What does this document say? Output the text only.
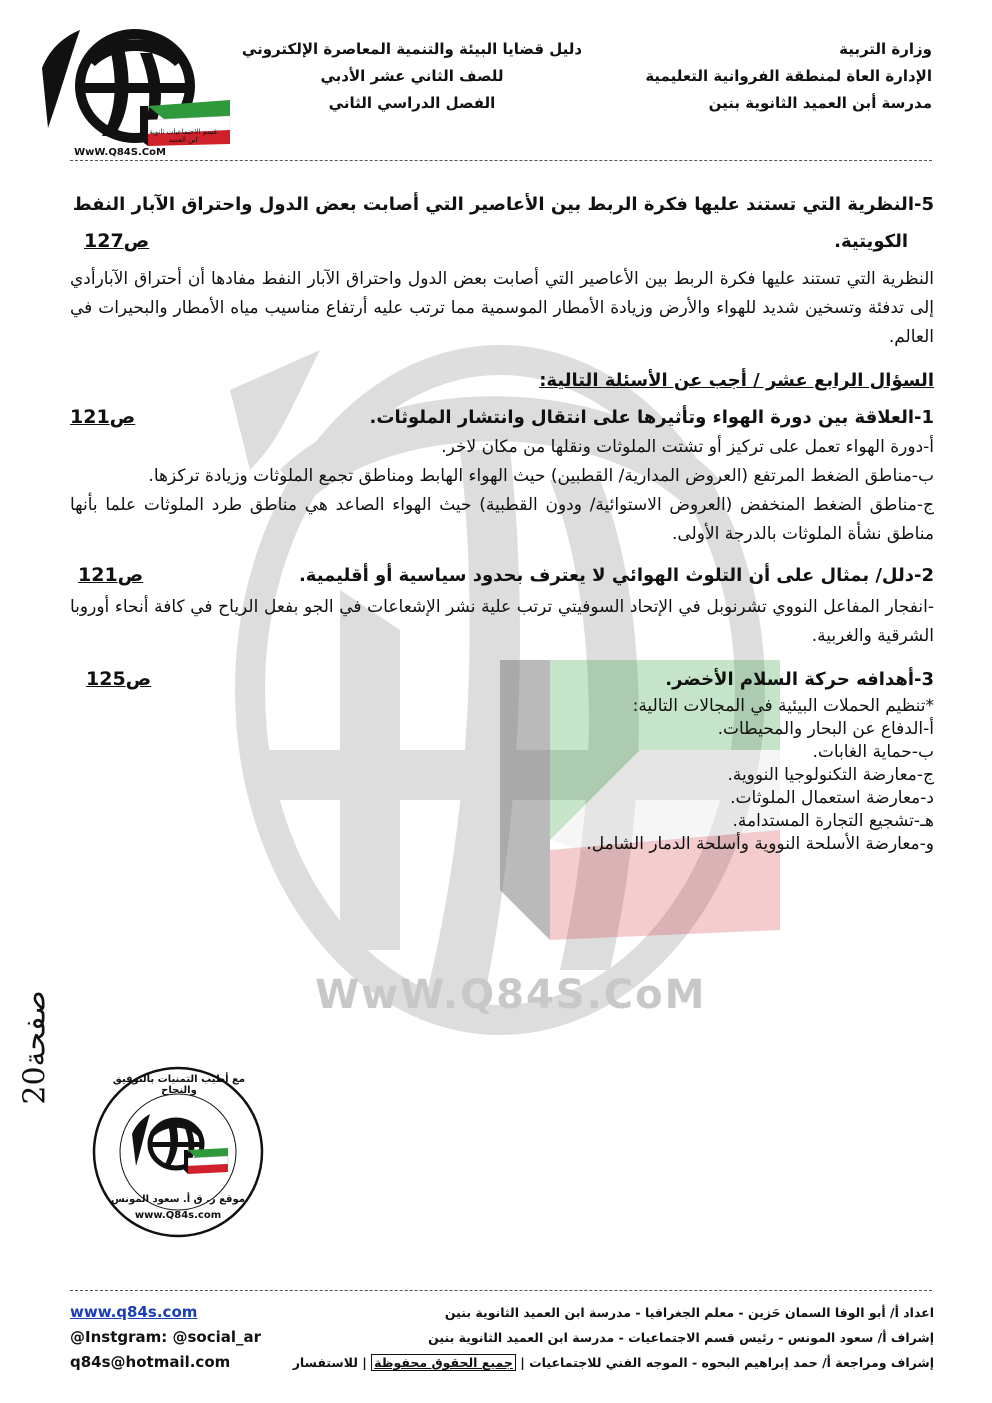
WwW.Q84S.CoM
وزارة التربية
الإدارة العاة لمنطقة الفروانية التعليمية
مدرسة أبن العميد الثانوية بنين
دليل قضايا البيئة والتنمية المعاصرة الإلكتروني
للصف الثاني عشر الأدبي
الفصل الدراسي الثاني
قسم الاجتماعيات ثانوية ابن العميد
WwW.Q84S.CoM
5-النظرية التي تستند عليها فكرة الربط بين الأعاصير التي أصابت بعض الدول واحتراق الآبار النفط
الكويتية.
ص127

النظرية التي تستند عليها فكرة الربط بين الأعاصير التي أصابت بعض الدول واحتراق الآبار النفط مفادها أن أحتراق الآبارأدي إلى تدفئة وتسخين شديد للهواء والأرض وزيادة الأمطار الموسمية مما ترتب عليه أرتفاع مناسيب مياه الأمطار والبحيرات في العالم.

السؤال الرابع عشر / أجب عن الأسئلة التالية:
1-العلاقة بين دورة الهواء وتأثيرها على انتقال وانتشار الملوثات.
ص121

أ-دورة الهواء تعمل على تركيز أو تشتت الملوثات ونقلها من مكان لاخر.

ب-مناطق الضغط المرتفع (العروض المدارية/ القطبين) حيث الهواء الهابط ومناطق تجمع الملوثات وزيادة تركزها.

ج-مناطق الضغط المنخفض (العروض الاستوائية/ ودون القطبية) حيث الهواء الصاعد هي مناطق طرد الملوثات علما بأنها مناطق نشأة الملوثات بالدرجة الأولى.

2-دلل/ بمثال على أن التلوث الهوائي لا يعترف بحدود سياسية أو أقليمية.
ص121

-انفجار المفاعل النووي تشرنوبل في الإتحاد السوفيتي ترتب علية نشر الإشعاعات في الجو بفعل الرياح في كافة أنحاء أوروبا الشرقية والغربية.

3-أهدافه حركة السلام الأخضر.
ص125
*تنظيم الحملات البيئية في المجالات التالية:
أ-الدفاع عن البحار والمحيطات.
ب-حماية الغابات.
ج-معارضة التكنولوجيا النووية.
د-معارضة استعمال الملوثات.
هـ-تشجيع التجارة المستدامة.
و-معارضة الأسلحة النووية وأسلحة الدمار الشامل.
صفحة20
مع أطيب التمنيات بالتوفيق والنجاح
موقع ر. ق أ. سعود المونس
www.Q84s.com
اعداد أ/ أبو الوفا السمان حَزين - معلم الجغرافيا - مدرسة ابن العميد الثانوية بنين
إشراف أ/ سعود المونس - رئيس قسم الاجتماعيات - مدرسة ابن العميد الثانوية بنين
إشراف ومراجعة أ/ حمد إبراهيم البحوه - الموجه الفني للاجتماعيات | جميع الحقوق محفوظة | للاستفسار
www.q84s.com
@Instgram: @social_ar
q84s@hotmail.com
